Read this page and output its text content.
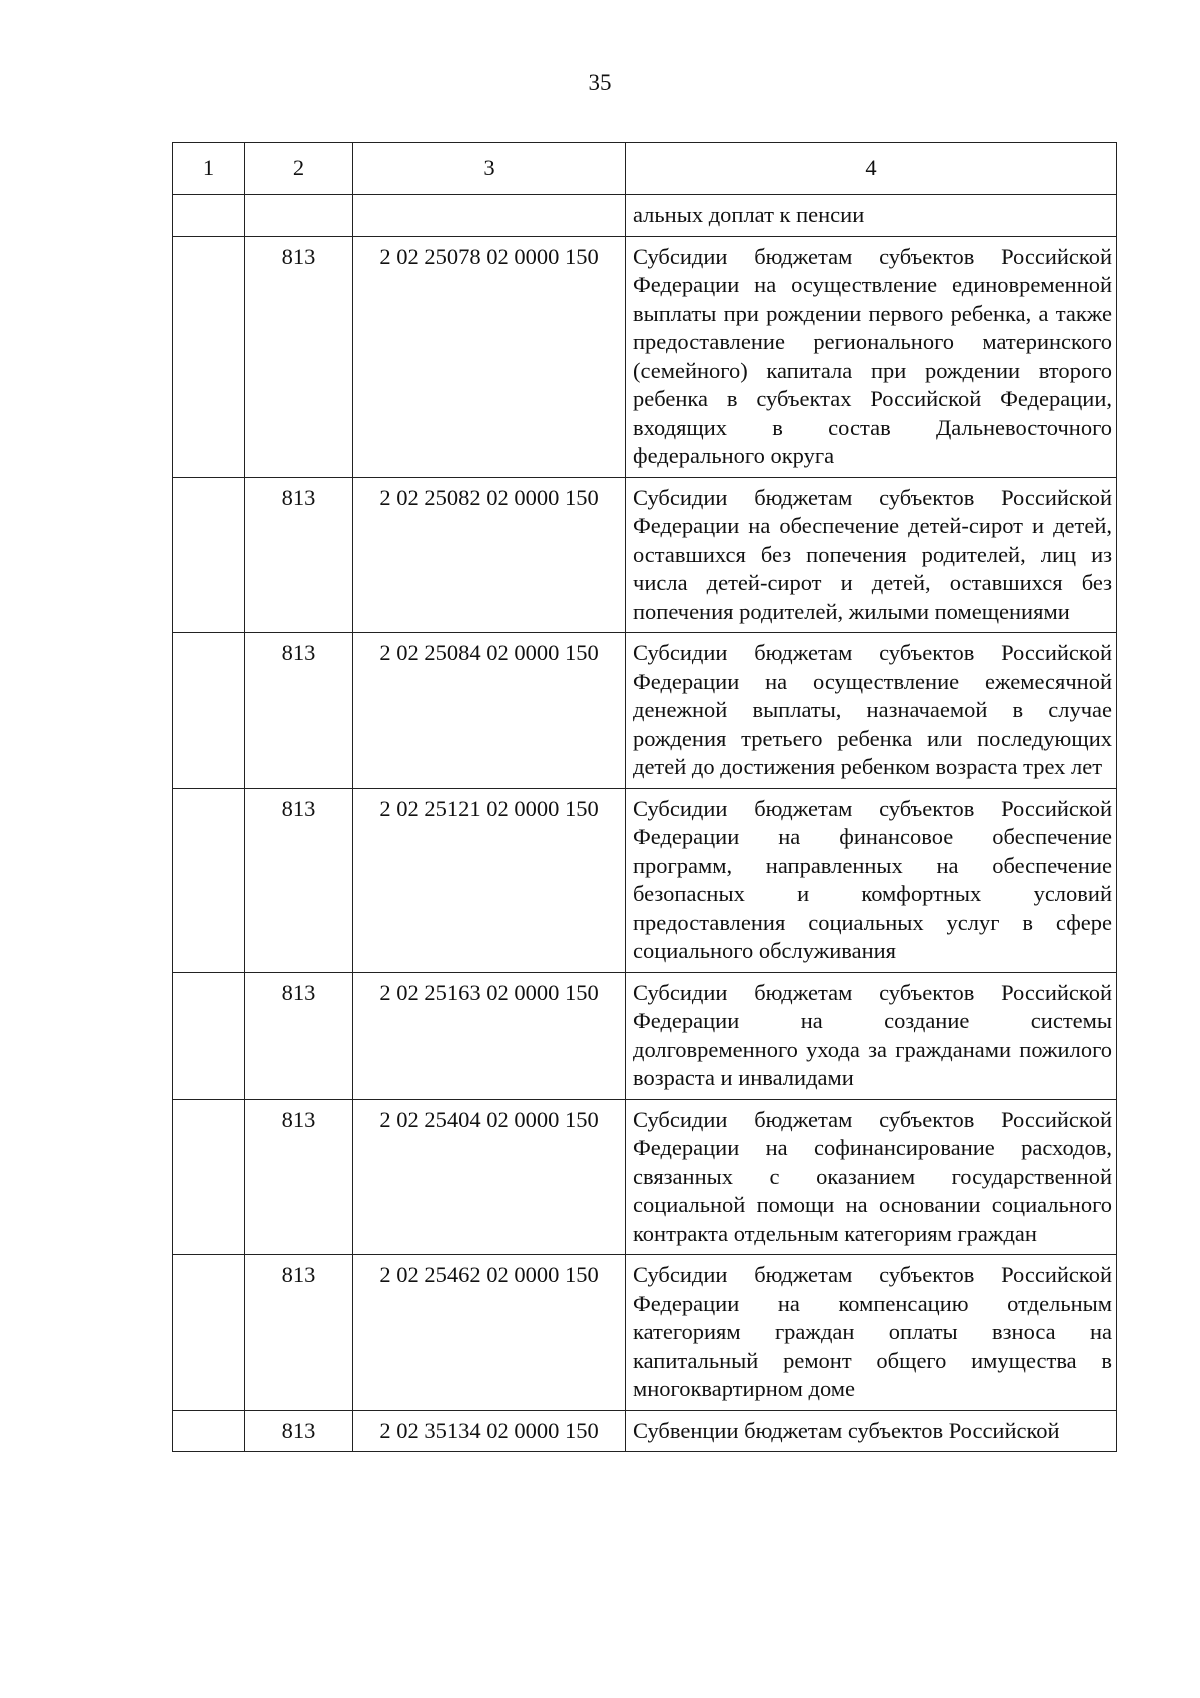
35
1	2	3	4
			альных доплат к пенсии
	813	2 02 25078 02 0000 150	Субсидии бюджетам субъектов Российской Федерации на осуществление единовременной выплаты при рождении первого ребенка, а также предоставление регионального материнского (семейного) капитала при рождении второго ребенка в субъектах Российской Федерации, входящих в состав Дальневосточного федерального округа
	813	2 02 25082 02 0000 150	Субсидии бюджетам субъектов Российской Федерации на обеспечение детей-сирот и детей, оставшихся без попечения родителей, лиц из числа детей-сирот и детей, оставшихся без попечения родителей, жилыми помещениями
	813	2 02 25084 02 0000 150	Субсидии бюджетам субъектов Российской Федерации на осуществление ежемесячной денежной выплаты, назначаемой в случае рождения третьего ребенка или последующих детей до достижения ребенком возраста трех лет
	813	2 02 25121 02 0000 150	Субсидии бюджетам субъектов Российской Федерации на финансовое обеспечение программ, направленных на обеспечение безопасных и комфортных условий предоставления социальных услуг в сфере социального обслуживания
	813	2 02 25163 02 0000 150	Субсидии бюджетам субъектов Российской Федерации на создание системы долговременного ухода за гражданами пожилого возраста и инвалидами
	813	2 02 25404 02 0000 150	Субсидии бюджетам субъектов Российской Федерации на софинансирование расходов, связанных с оказанием государственной социальной помощи на основании социального контракта отдельным категориям граждан
	813	2 02 25462 02 0000 150	Субсидии бюджетам субъектов Российской Федерации на компенсацию отдельным категориям граждан оплаты взноса на капитальный ремонт общего имущества в многоквартирном доме
	813	2 02 35134 02 0000 150	Субвенции бюджетам субъектов Российской
